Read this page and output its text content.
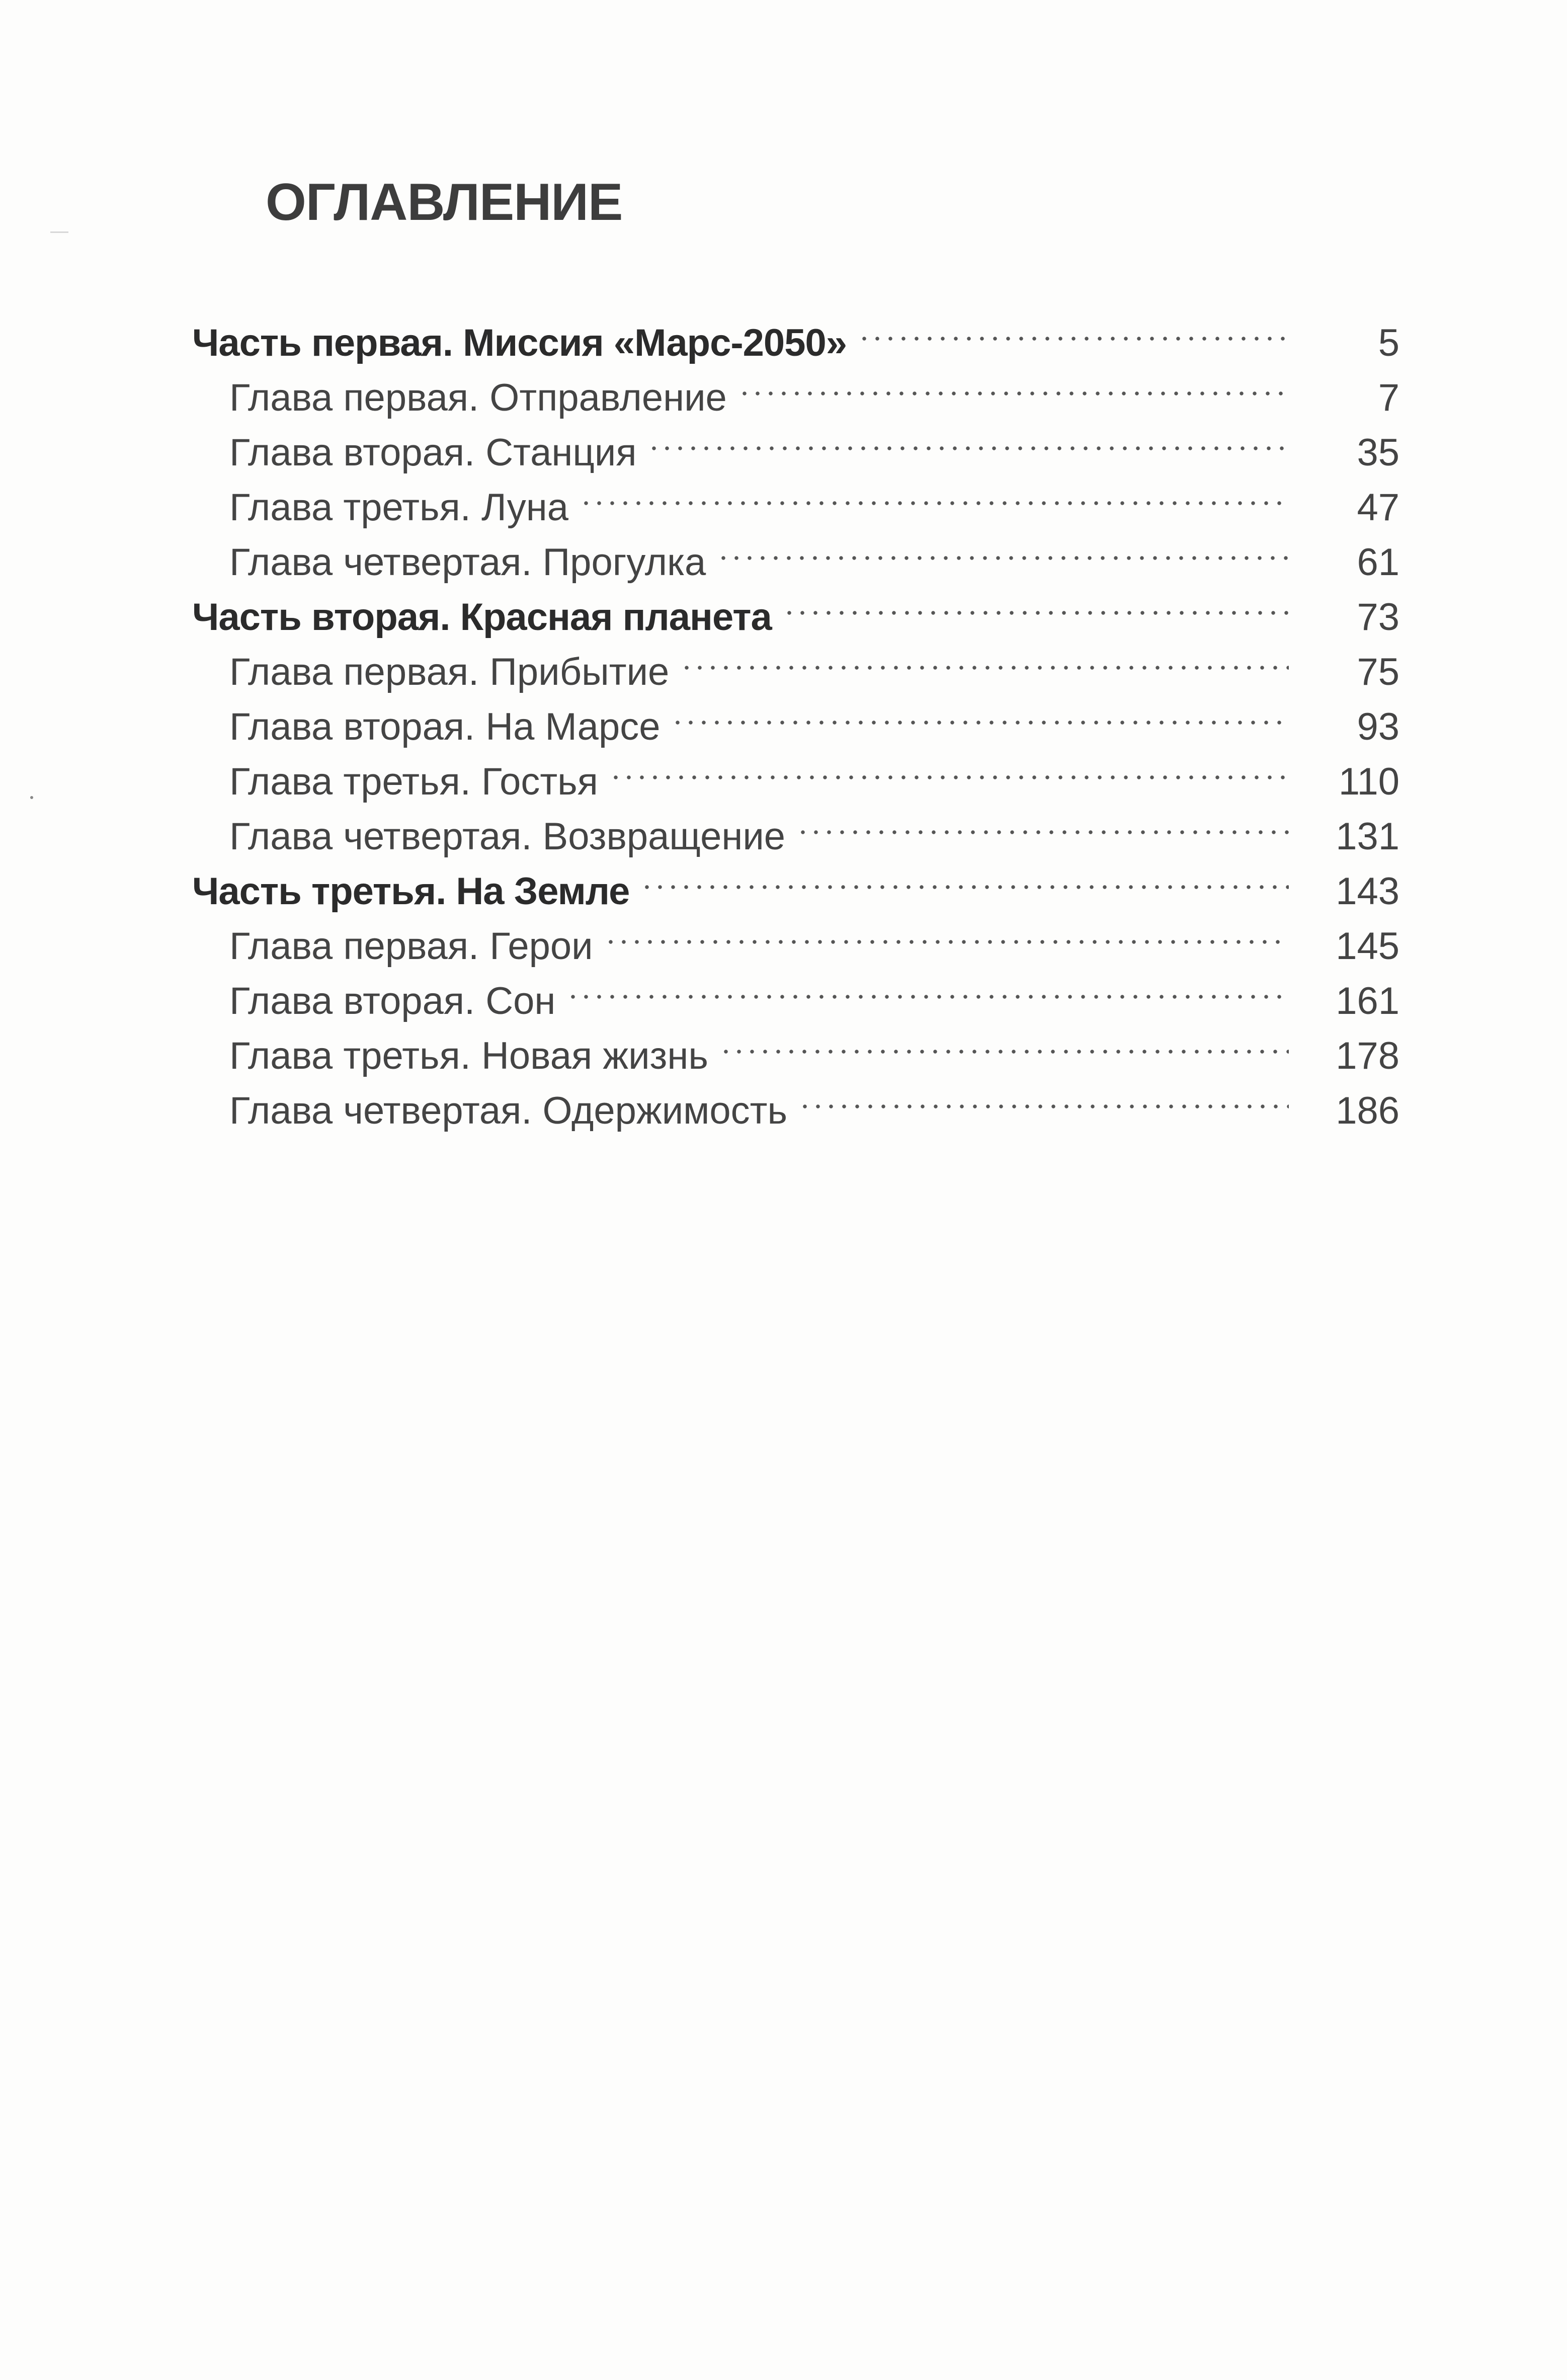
ОГЛАВЛЕНИЕ
Часть первая. Миссия «Марс-2050»	5
Глава первая. Отправление	7
Глава вторая. Станция	35
Глава третья. Луна	47
Глава четвертая. Прогулка	61
Часть вторая. Красная планета	73
Глава первая. Прибытие	75
Глава вторая. На Марсе	93
Глава третья. Гостья	110
Глава четвертая. Возвращение	131
Часть третья. На Земле	143
Глава первая. Герои	145
Глава вторая. Сон	161
Глава третья. Новая жизнь	178
Глава четвертая. Одержимость	186
